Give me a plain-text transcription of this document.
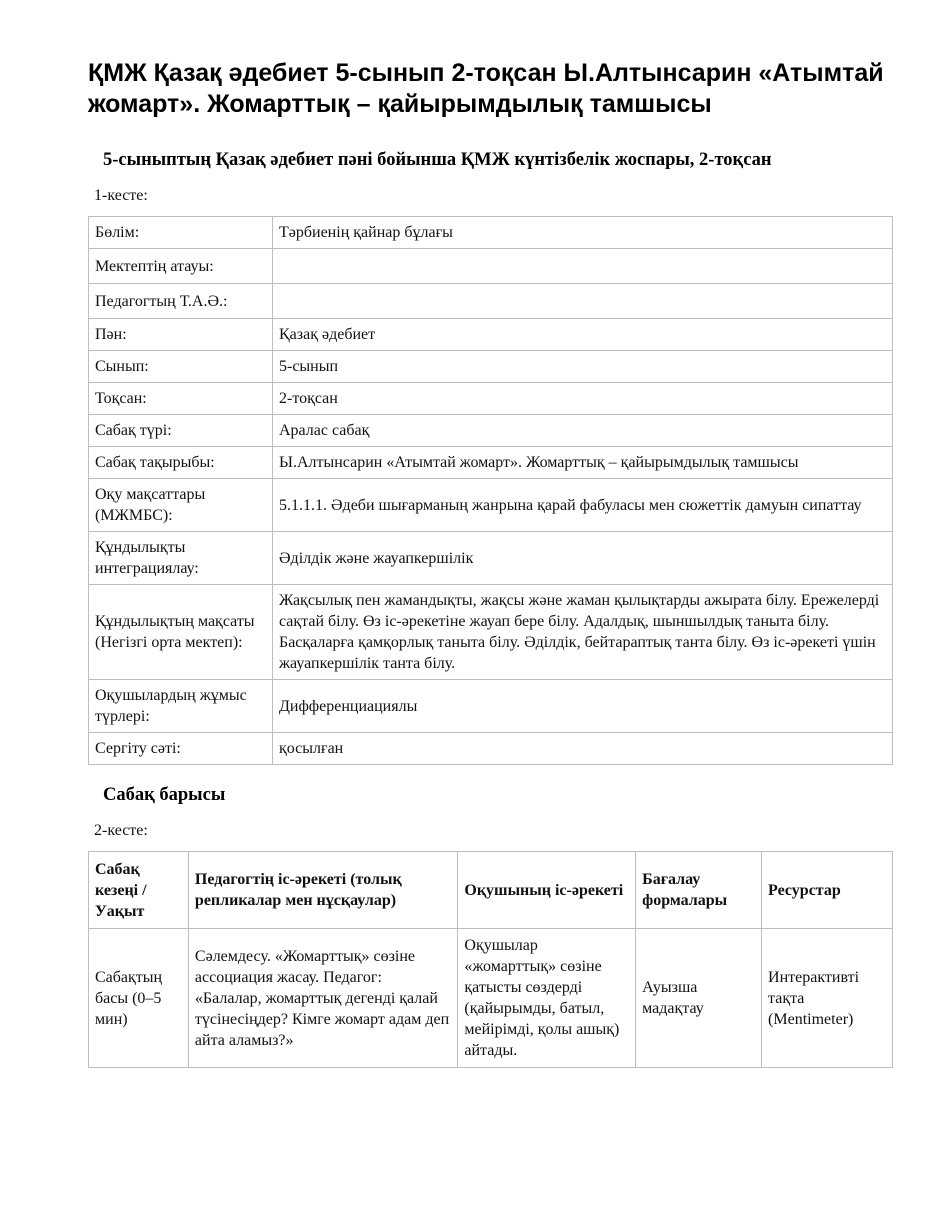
ҚМЖ Қазақ әдебиет 5-сынып 2-тоқсан Ы.Алтынсарин «Атымтай жомарт». Жомарттық – қайырымдылық тамшысы
5-сыныптың Қазақ әдебиет пәні бойынша ҚМЖ күнтізбелік жоспары, 2-тоқсан
1-кесте:
Бөлім:	Тәрбиенің қайнар бұлағы
Мектептің атауы:	
Педагогтың Т.А.Ә.:	
Пән:	Қазақ әдебиет
Сынып:	5-сынып
Тоқсан:	2-тоқсан
Сабақ түрі:	Аралас сабақ
Сабақ тақырыбы:	Ы.Алтынсарин «Атымтай жомарт». Жомарттық – қайырымдылық тамшысы
Оқу мақсаттары (МЖМБС):	5.1.1.1. Әдеби шығарманың жанрына қарай фабуласы мен сюжеттік дамуын сипаттау
Құндылықты интеграциялау:	Әділдік және жауапкершілік
Құндылықтың мақсаты (Негізгі орта мектеп):	Жақсылық пен жамандықты, жақсы және жаман қылықтарды ажырата білу. Ережелерді сақтай білу. Өз іс-әрекетіне жауап бере білу. Адалдық, шыншылдық таныта білу. Басқаларға қамқорлық таныта білу. Әділдік, бейтараптық танта білу. Өз іс-әрекеті үшін жауапкершілік танта білу.
Оқушылардың жұмыс түрлері:	Дифференциациялы
Сергіту сәті:	қосылған
Сабақ барысы
2-кесте:
Сабақ кезеңі / Уақыт	Педагогтің іс-әрекеті (толық репликалар мен нұсқаулар)	Оқушының іс-әрекеті	Бағалау формалары	Ресурстар
Сабақтың басы (0–5 мин)	Сәлемдесу. «Жомарттық» сөзіне ассоциация жасау. Педагог: «Балалар, жомарттық дегенді қалай түсінесіңдер? Кімге жомарт адам деп айта аламыз?»	Оқушылар «жомарттық» сөзіне қатысты сөздерді (қайырымды, батыл, мейірімді, қолы ашық) айтады.	Ауызша мадақтау	Интерактивті тақта (Mentimeter)
